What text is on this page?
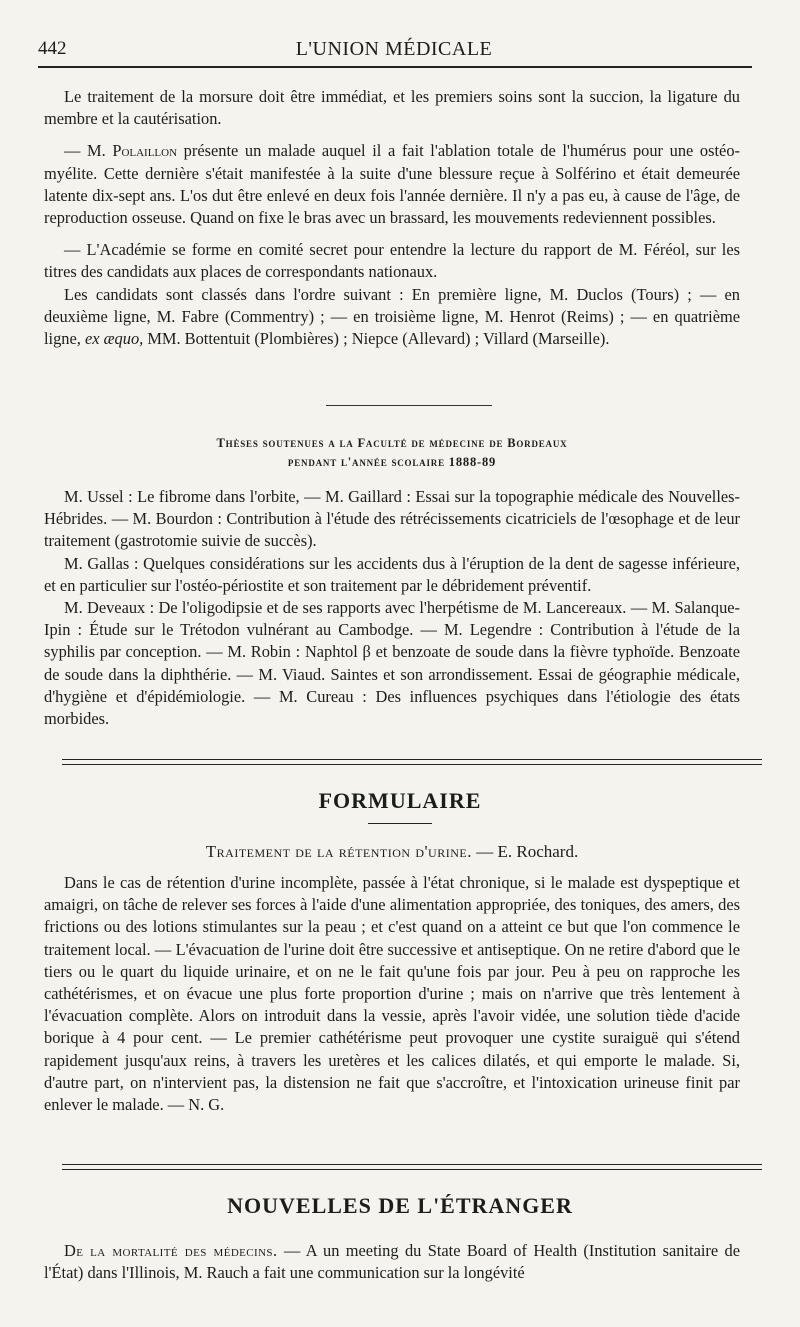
442	L'UNION MÉDICALE

Le traitement de la morsure doit être immédiat, et les premiers soins sont la succion, la ligature du membre et la cautérisation.

— M. Polaillon présente un malade auquel il a fait l'ablation totale de l'humérus pour une ostéo-myélite. Cette dernière s'était manifestée à la suite d'une blessure reçue à Solférino et était demeurée latente dix-sept ans. L'os dut être enlevé en deux fois l'année dernière. Il n'y a pas eu, à cause de l'âge, de reproduction osseuse. Quand on fixe le bras avec un brassard, les mouvements redeviennent possibles.

— L'Académie se forme en comité secret pour entendre la lecture du rapport de M. Féréol, sur les titres des candidats aux places de correspondants nationaux.

Les candidats sont classés dans l'ordre suivant : En première ligne, M. Duclos (Tours) ; — en deuxième ligne, M. Fabre (Commentry) ; — en troisième ligne, M. Henrot (Reims) ; — en quatrième ligne, ex æquo, MM. Bottentuit (Plombières) ; Niepce (Allevard) ; Villard (Marseille).

Thèses soutenues a la Faculté de médecine de Bordeaux

pendant l'année scolaire 1888-89

M. Ussel : Le fibrome dans l'orbite, — M. Gaillard : Essai sur la topographie médicale des Nouvelles-Hébrides. — M. Bourdon : Contribution à l'étude des rétrécissements cicatriciels de l'œsophage et de leur traitement (gastrotomie suivie de succès).

M. Gallas : Quelques considérations sur les accidents dus à l'éruption de la dent de sagesse inférieure, et en particulier sur l'ostéo-périostite et son traitement par le débridement préventif.

M. Deveaux : De l'oligodipsie et de ses rapports avec l'herpétisme de M. Lancereaux. — M. Salanque-Ipin : Étude sur le Trétodon vulnérant au Cambodge. — M. Legendre : Contribution à l'étude de la syphilis par conception. — M. Robin : Naphtol β et benzoate de soude dans la fièvre typhoïde. Benzoate de soude dans la diphthérie. — M. Viaud. Saintes et son arrondissement. Essai de géographie médicale, d'hygiène et d'épidémiologie. — M. Cureau : Des influences psychiques dans l'étiologie des états morbides.

FORMULAIRE

Traitement de la rétention d'urine. — E. Rochard.

Dans le cas de rétention d'urine incomplète, passée à l'état chronique, si le malade est dyspeptique et amaigri, on tâche de relever ses forces à l'aide d'une alimentation appropriée, des toniques, des amers, des frictions ou des lotions stimulantes sur la peau ; et c'est quand on a atteint ce but que l'on commence le traitement local. — L'évacuation de l'urine doit être successive et antiseptique. On ne retire d'abord que le tiers ou le quart du liquide urinaire, et on ne le fait qu'une fois par jour. Peu à peu on rapproche les cathétérismes, et on évacue une plus forte proportion d'urine ; mais on n'arrive que très lentement à l'évacuation complète. Alors on introduit dans la vessie, après l'avoir vidée, une solution tiède d'acide borique à 4 pour cent. — Le premier cathétérisme peut provoquer une cystite suraiguë qui s'étend rapidement jusqu'aux reins, à travers les uretères et les calices dilatés, et qui emporte le malade. Si, d'autre part, on n'intervient pas, la distension ne fait que s'accroître, et l'intoxication urineuse finit par enlever le malade. — N. G.

NOUVELLES DE L'ÉTRANGER

De la mortalité des médecins. — A un meeting du State Board of Health (Institution sanitaire de l'État) dans l'Illinois, M. Rauch a fait une communication sur la longévité
